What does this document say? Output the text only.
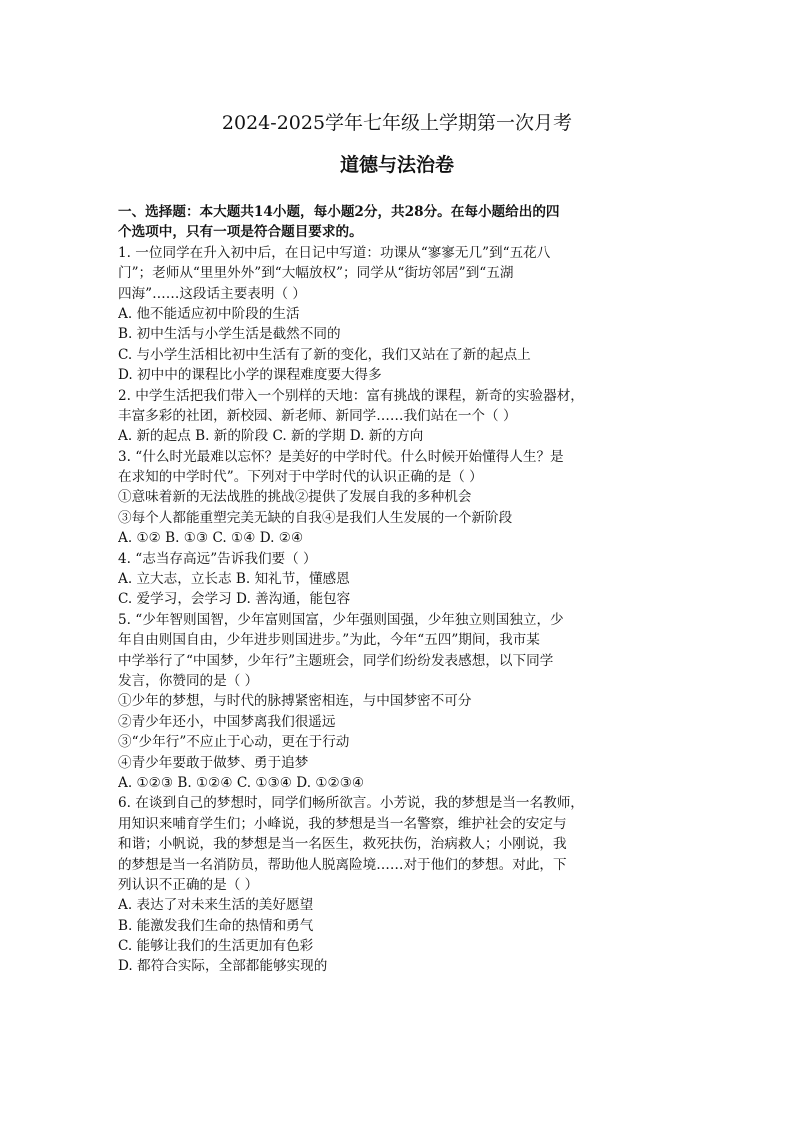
2024-2025学年七年级上学期第一次月考
道德与法治卷
一、选择题：本大题共14小题，每小题2分，共28分。在每小题给出的四
个选项中，只有一项是符合题目要求的。
1. 一位同学在升入初中后，在日记中写道：功课从“寥寥无几”到“五花八
门”；老师从“里里外外”到“大幅放权”；同学从“街坊邻居”到“五湖
四海”……这段话主要表明（ ）
A. 他不能适应初中阶段的生活
B. 初中生活与小学生活是截然不同的
C. 与小学生活相比初中生活有了新的变化，我们又站在了新的起点上
D. 初中中的课程比小学的课程难度要大得多
2. 中学生活把我们带入一个别样的天地：富有挑战的课程，新奇的实验器材，
丰富多彩的社团，新校园、新老师、新同学……我们站在一个（ ）
A. 新的起点 B. 新的阶段 C. 新的学期 D. 新的方向
3. “什么时光最难以忘怀？是美好的中学时代。什么时候开始懂得人生？是
在求知的中学时代”。下列对于中学时代的认识正确的是（ ）
①意味着新的无法战胜的挑战②提供了发展自我的多种机会
③每个人都能重塑完美无缺的自我④是我们人生发展的一个新阶段
A. ①② B. ①③ C. ①④ D. ②④
4. “志当存高远”告诉我们要（ ）
A. 立大志，立长志 B. 知礼节，懂感恩
C. 爱学习，会学习 D. 善沟通，能包容
5. “少年智则国智，少年富则国富，少年强则国强，少年独立则国独立，少
年自由则国自由，少年进步则国进步。”为此，今年“五四”期间，我市某
中学举行了“中国梦，少年行”主题班会，同学们纷纷发表感想，以下同学
发言，你赞同的是（ ）
①少年的梦想，与时代的脉搏紧密相连，与中国梦密不可分
②青少年还小，中国梦离我们很遥远
③“少年行”不应止于心动，更在于行动
④青少年要敢于做梦、勇于追梦
A. ①②③ B. ①②④ C. ①③④ D. ①②③④
6. 在谈到自己的梦想时，同学们畅所欲言。小芳说，我的梦想是当一名教师，
用知识来哺育学生们；小峰说，我的梦想是当一名警察，维护社会的安定与
和谐；小帆说，我的梦想是当一名医生，救死扶伤，治病救人；小刚说，我
的梦想是当一名消防员，帮助他人脱离险境……对于他们的梦想。对此，下
列认识不正确的是（ ）
A. 表达了对未来生活的美好愿望
B. 能激发我们生命的热情和勇气
C. 能够让我们的生活更加有色彩
D. 都符合实际，全部都能够实现的
